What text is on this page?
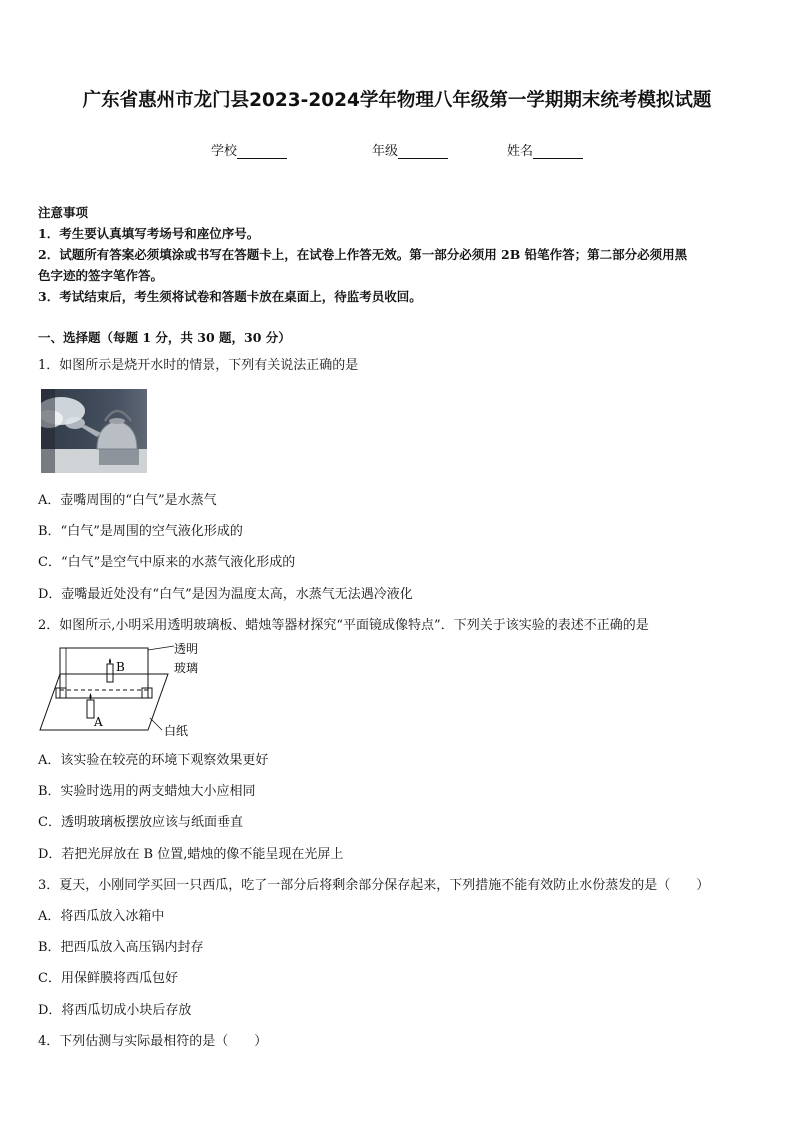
广东省惠州市龙门县2023-2024学年物理八年级第一学期期末统考模拟试题
学校	年级	姓名
注意事项
1．考生要认真填写考场号和座位序号。
2．试题所有答案必须填涂或书写在答题卡上，在试卷上作答无效。第一部分必须用 2B 铅笔作答；第二部分必须用黑
色字迹的签字笔作答。
3．考试结束后，考生须将试卷和答题卡放在桌面上，待监考员收回。
一、选择题（每题 1 分，共 30 题，30 分）
1．如图所示是烧开水时的情景，下列有关说法正确的是
A．壶嘴周围的“白气”是水蒸气
B．“白气”是周围的空气液化形成的
C．“白气”是空气中原来的水蒸气液化形成的
D．壶嘴最近处没有“白气”是因为温度太高，水蒸气无法遇冷液化
2．如图所示,小明采用透明玻璃板、蜡烛等器材探究“平面镜成像特点”．下列关于该实验的表述不正确的是
B
A
透明
玻璃
白纸
A．该实验在较亮的环境下观察效果更好
B．实验时选用的两支蜡烛大小应相同
C．透明玻璃板摆放应该与纸面垂直
D．若把光屏放在 B 位置,蜡烛的像不能呈现在光屏上
3．夏天，小刚同学买回一只西瓜，吃了一部分后将剩余部分保存起来，下列措施不能有效防止水份蒸发的是（　　）
A．将西瓜放入冰箱中
B．把西瓜放入高压锅内封存
C．用保鲜膜将西瓜包好
D．将西瓜切成小块后存放
4．下列估测与实际最相符的是（　　）
